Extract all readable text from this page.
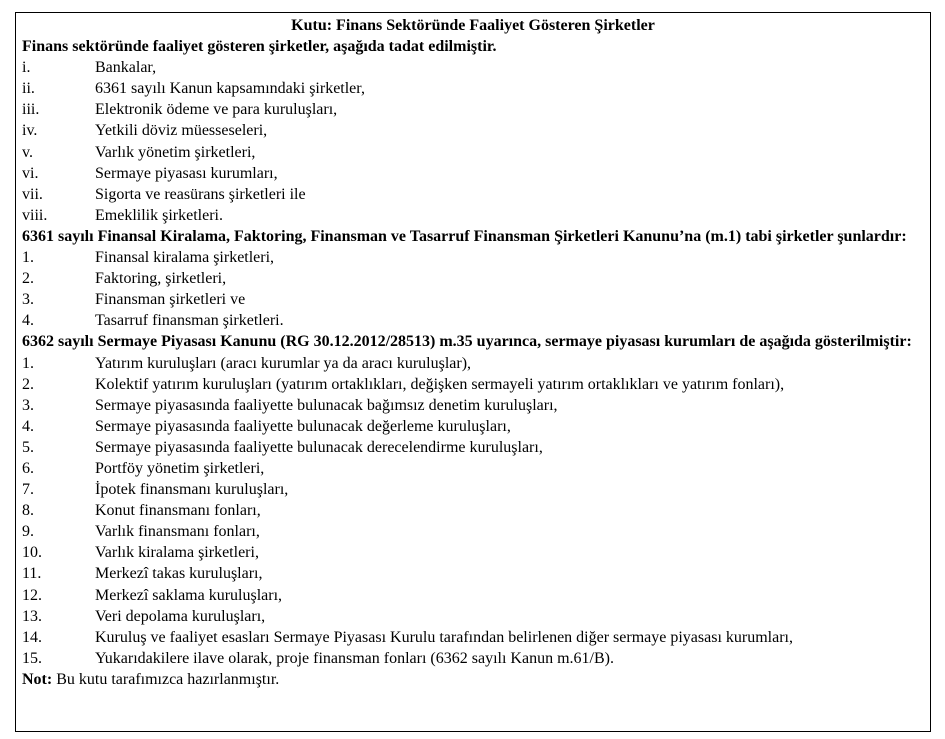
Kutu: Finans Sektöründe Faaliyet Gösteren Şirketler
Finans sektöründe faaliyet gösteren şirketler, aşağıda tadat edilmiştir.
i.	Bankalar,
ii.	6361 sayılı Kanun kapsamındaki şirketler,
iii.	Elektronik ödeme ve para kuruluşları,
iv.	Yetkili döviz müesseseleri,
v.	Varlık yönetim şirketleri,
vi.	Sermaye piyasası kurumları,
vii.	Sigorta ve reasürans şirketleri ile
viii.	Emeklilik şirketleri.
6361 sayılı Finansal Kiralama, Faktoring, Finansman ve Tasarruf Finansman Şirketleri Kanunu’na (m.1) tabi şirketler şunlardır:
1.	Finansal kiralama şirketleri,
2.	Faktoring, şirketleri,
3.	Finansman şirketleri ve
4.	Tasarruf finansman şirketleri.
6362 sayılı Sermaye Piyasası Kanunu (RG 30.12.2012/28513) m.35 uyarınca, sermaye piyasası kurumları de aşağıda gösterilmiştir:
1.	Yatırım kuruluşları (aracı kurumlar ya da aracı kuruluşlar),
2.	Kolektif yatırım kuruluşları (yatırım ortaklıkları, değişken sermayeli yatırım ortaklıkları ve yatırım fonları),
3.	Sermaye piyasasında faaliyette bulunacak bağımsız denetim kuruluşları,
4.	Sermaye piyasasında faaliyette bulunacak değerleme kuruluşları,
5.	Sermaye piyasasında faaliyette bulunacak derecelendirme kuruluşları,
6.	Portföy yönetim şirketleri,
7.	İpotek finansmanı kuruluşları,
8.	Konut finansmanı fonları,
9.	Varlık finansmanı fonları,
10.	Varlık kiralama şirketleri,
11.	Merkezî takas kuruluşları,
12.	Merkezî saklama kuruluşları,
13.	Veri depolama kuruluşları,
14.	Kuruluş ve faaliyet esasları Sermaye Piyasası Kurulu tarafından belirlenen diğer sermaye piyasası kurumları,
15.	Yukarıdakilere ilave olarak, proje finansman fonları (6362 sayılı Kanun m.61/B).
Not: Bu kutu tarafımızca hazırlanmıştır.
